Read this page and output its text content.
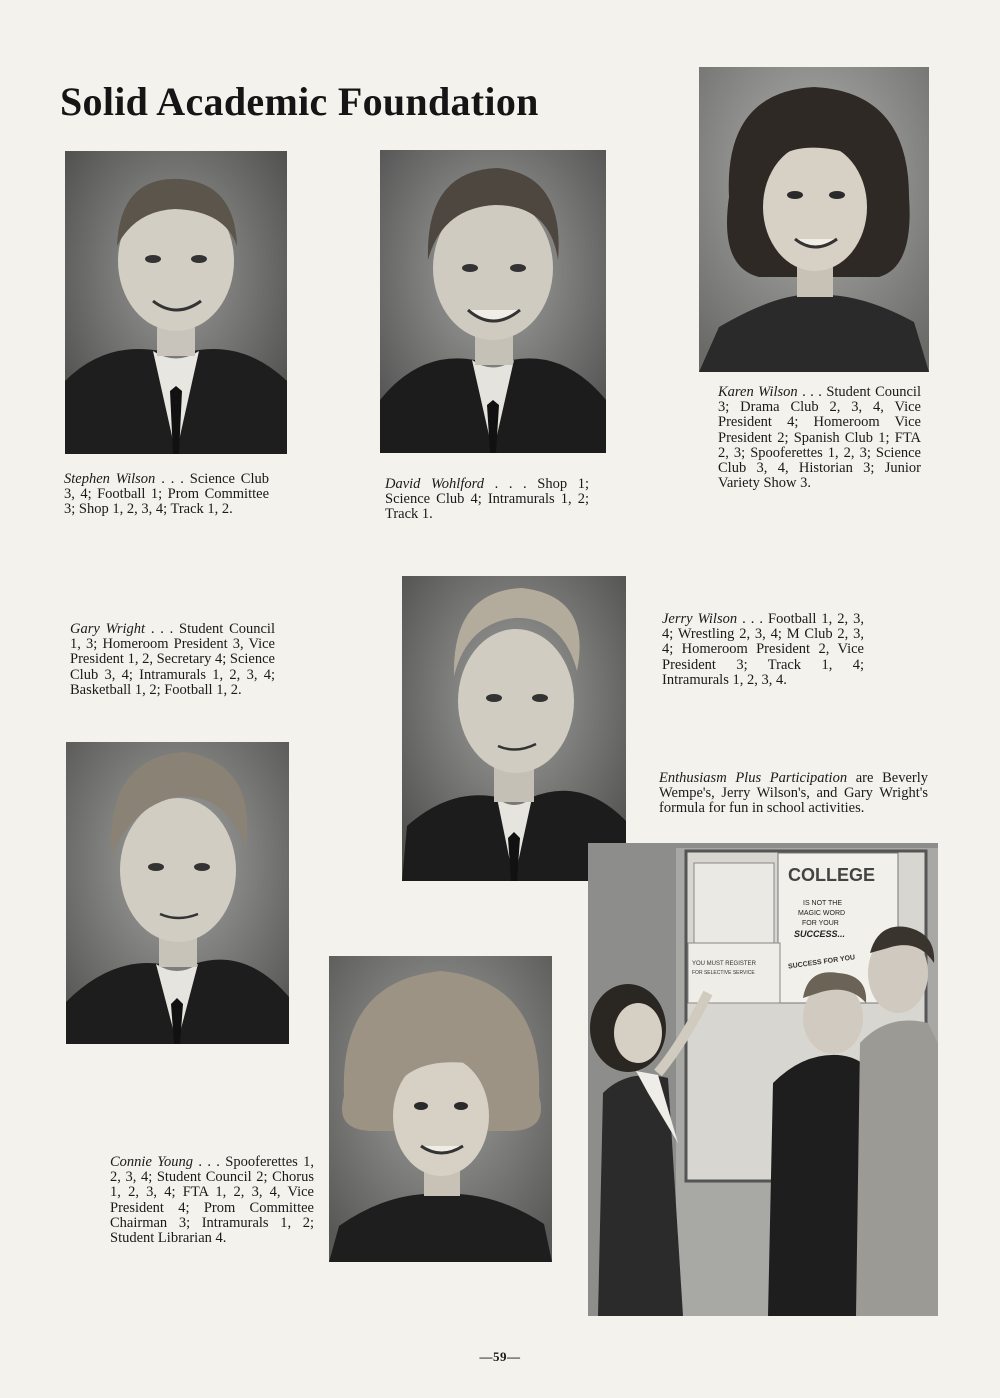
Solid Academic Foundation

Stephen Wilson . . . Science Club 3, 4; Football 1; Prom Committee 3; Shop 1, 2, 3, 4; Track 1, 2.

David Wohlford . . . Shop 1; Science Club 4; Intramurals 1, 2; Track 1.

Karen Wilson . . . Student Council 3; Drama Club 2, 3, 4, Vice President 4; Homeroom Vice President 2; Spanish Club 1; FTA 2, 3; Spooferettes 1, 2, 3; Science Club 3, 4, Historian 3; Junior Variety Show 3.

Gary Wright . . . Student Council 1, 3; Homeroom President 3, Vice President 1, 2, Secretary 4; Science Club 3, 4; Intramurals 1, 2, 3, 4; Basketball 1, 2; Football 1, 2.

Jerry Wilson . . . Football 1, 2, 3, 4; Wrestling 2, 3, 4; M Club 2, 3, 4; Homeroom President 2, Vice President 3; Track 1, 4; Intramurals 1, 2, 3, 4.

Enthusiasm Plus Participation are Beverly Wempe's, Jerry Wilson's, and Gary Wright's formula for fun in school activities.

COLLEGE
IS NOT THE
MAGIC WORD
FOR YOUR
SUCCESS...
SUCCESS FOR YOU
YOU MUST REGISTER
FOR SELECTIVE SERVICE

Connie Young . . . Spooferettes 1, 2, 3, 4; Student Council 2; Chorus 1, 2, 3, 4; FTA 1, 2, 3, 4, Vice President 4; Prom Committee Chairman 3; Intramurals 1, 2; Student Librarian 4.

—59—
